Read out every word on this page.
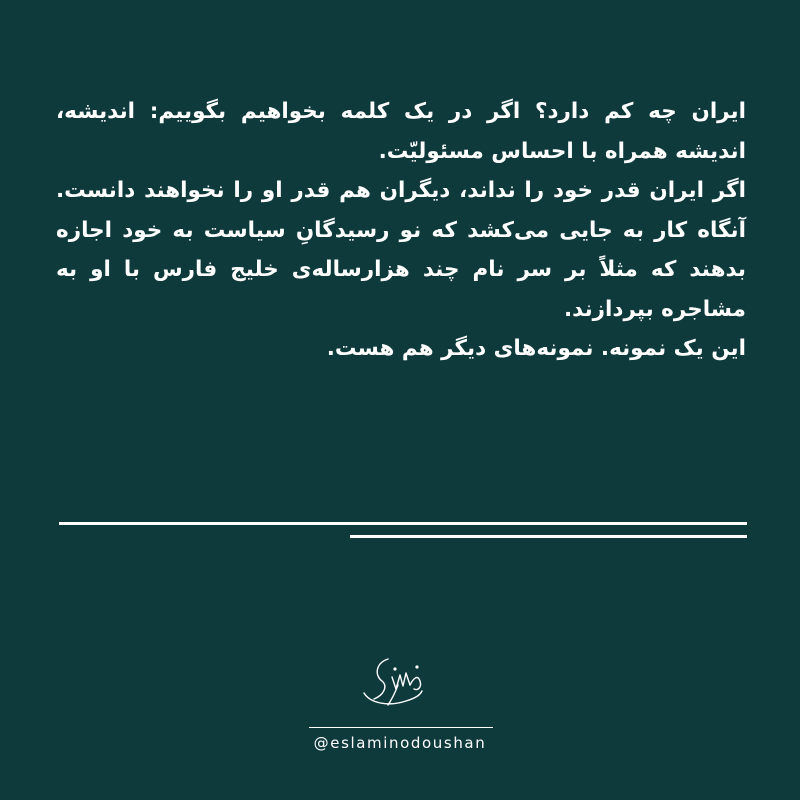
ایران چه کم دارد؟ اگر در یک کلمه بخواهیم بگوییم: اندیشه، اندیشه همراه با احساس مسئولیّت.

اگر ایران قدر خود را نداند، دیگران هم قدر او را نخواهند دانست. آنگاه کار به جایی می‌کشد که نو رسیدگانِ سیاست به خود اجازه بدهند که مثلاً بر سر نام چند هزارساله‌ی خلیج فارس با او به مشاجره بپردازند.

این یک نمونه. نمونه‌های دیگر هم هست.

@eslaminodoushan
